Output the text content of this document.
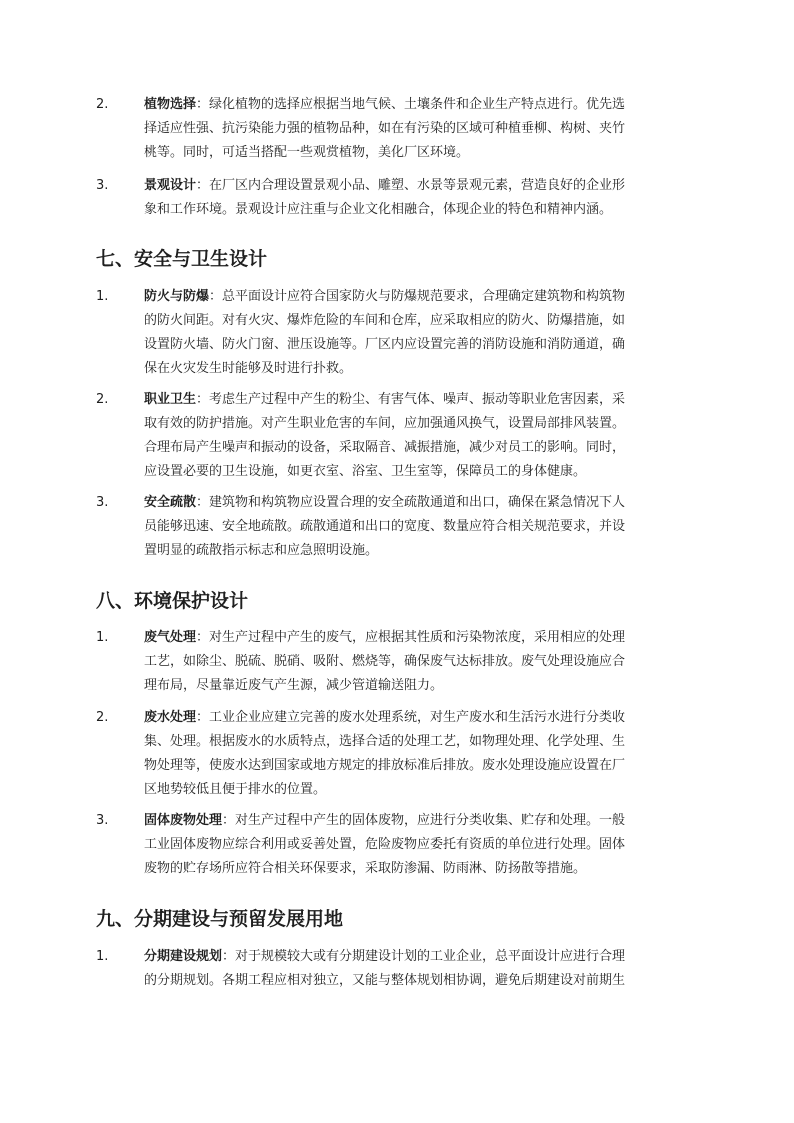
2.	植物选择：绿化植物的选择应根据当地气候、土壤条件和企业生产特点进行。优先选
择适应性强、抗污染能力强的植物品种，如在有污染的区域可种植垂柳、构树、夹竹
桃等。同时，可适当搭配一些观赏植物，美化厂区环境。
3.	景观设计：在厂区内合理设置景观小品、雕塑、水景等景观元素，营造良好的企业形
象和工作环境。景观设计应注重与企业文化相融合，体现企业的特色和精神内涵。
七、安全与卫生设计
1.	防火与防爆：总平面设计应符合国家防火与防爆规范要求，合理确定建筑物和构筑物
的防火间距。对有火灾、爆炸危险的车间和仓库，应采取相应的防火、防爆措施，如
设置防火墙、防火门窗、泄压设施等。厂区内应设置完善的消防设施和消防通道，确
保在火灾发生时能够及时进行扑救。
2.	职业卫生：考虑生产过程中产生的粉尘、有害气体、噪声、振动等职业危害因素，采
取有效的防护措施。对产生职业危害的车间，应加强通风换气，设置局部排风装置。
合理布局产生噪声和振动的设备，采取隔音、减振措施，减少对员工的影响。同时，
应设置必要的卫生设施，如更衣室、浴室、卫生室等，保障员工的身体健康。
3.	安全疏散：建筑物和构筑物应设置合理的安全疏散通道和出口，确保在紧急情况下人
员能够迅速、安全地疏散。疏散通道和出口的宽度、数量应符合相关规范要求，并设
置明显的疏散指示标志和应急照明设施。
八、环境保护设计
1.	废气处理：对生产过程中产生的废气，应根据其性质和污染物浓度，采用相应的处理
工艺，如除尘、脱硫、脱硝、吸附、燃烧等，确保废气达标排放。废气处理设施应合
理布局，尽量靠近废气产生源，减少管道输送阻力。
2.	废水处理：工业企业应建立完善的废水处理系统，对生产废水和生活污水进行分类收
集、处理。根据废水的水质特点，选择合适的处理工艺，如物理处理、化学处理、生
物处理等，使废水达到国家或地方规定的排放标准后排放。废水处理设施应设置在厂
区地势较低且便于排水的位置。
3.	固体废物处理：对生产过程中产生的固体废物，应进行分类收集、贮存和处理。一般
工业固体废物应综合利用或妥善处置，危险废物应委托有资质的单位进行处理。固体
废物的贮存场所应符合相关环保要求，采取防渗漏、防雨淋、防扬散等措施。
九、分期建设与预留发展用地
1.	分期建设规划：对于规模较大或有分期建设计划的工业企业，总平面设计应进行合理
的分期规划。各期工程应相对独立，又能与整体规划相协调，避免后期建设对前期生
